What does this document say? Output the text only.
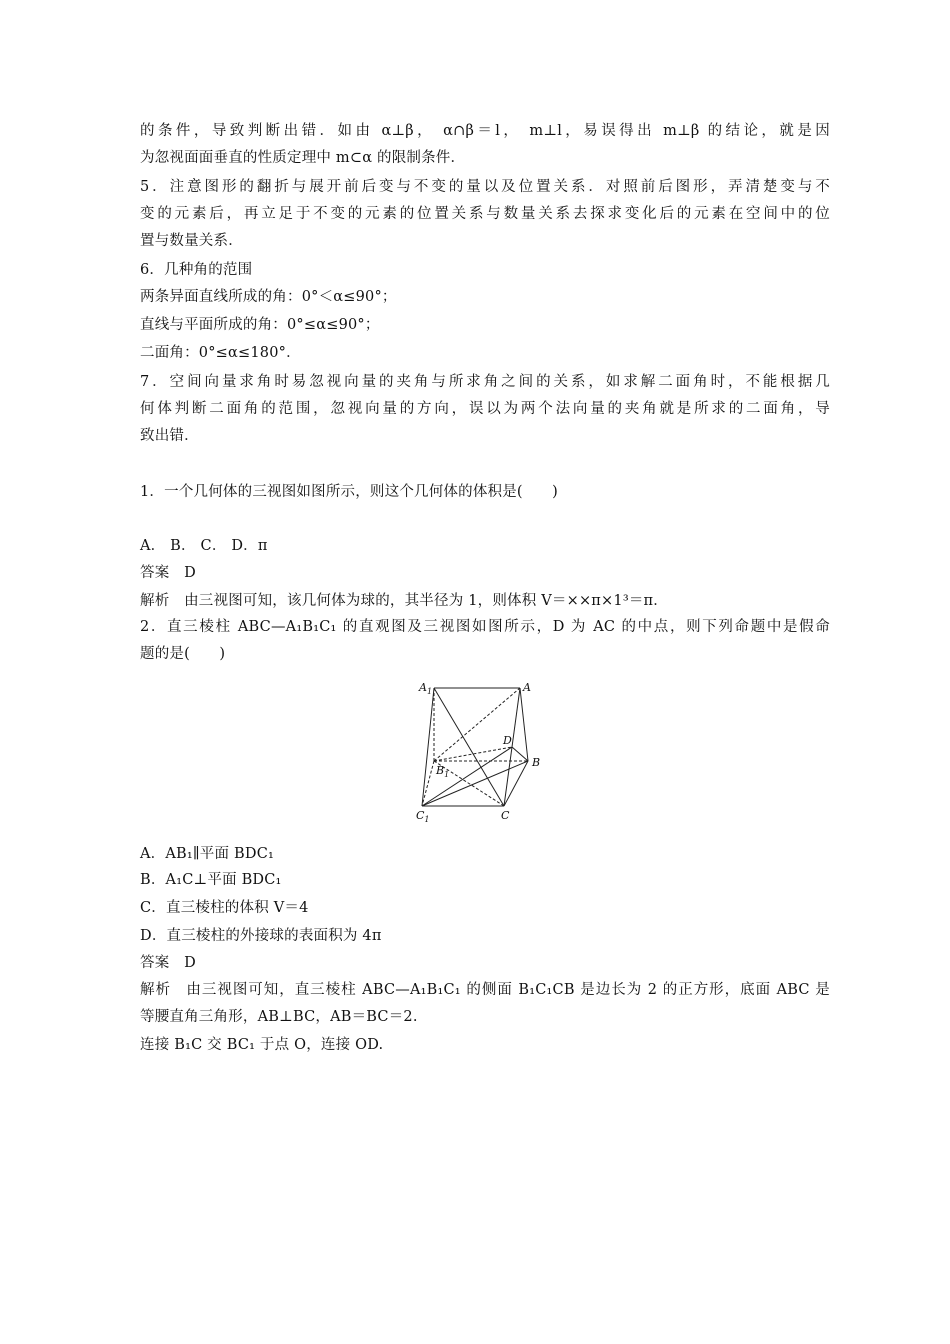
的条件，导致判断出错．如由 α⊥β， α∩β＝l， m⊥l，易误得出 m⊥β 的结论，就是因
为忽视面面垂直的性质定理中 m⊂α 的限制条件．
5．注意图形的翻折与展开前后变与不变的量以及位置关系．对照前后图形，弄清楚变与不
变的元素后，再立足于不变的元素的位置关系与数量关系去探求变化后的元素在空间中的位
置与数量关系．
6．几种角的范围
两条异面直线所成的角：0°＜α≤90°；
直线与平面所成的角：0°≤α≤90°；
二面角：0°≤α≤180°．
7．空间向量求角时易忽视向量的夹角与所求角之间的关系，如求解二面角时，不能根据几
何体判断二面角的范围，忽视向量的方向，误以为两个法向量的夹角就是所求的二面角，导
致出错．
1．一个几何体的三视图如图所示，则这个几何体的体积是(　　)
A． B． C． D．π
答案　D
解析　由三视图可知，该几何体为球的，其半径为 1，则体积 V＝××π×1³＝π．
2．直三棱柱 ABC—A₁B₁C₁ 的直观图及三视图如图所示，D 为 AC 的中点，则下列命题中是假命
题的是(　　)
A．AB₁∥平面 BDC₁
B．A₁C⊥平面 BDC₁
C．直三棱柱的体积 V＝4
D．直三棱柱的外接球的表面积为 4π
答案　D
解析　由三视图可知，直三棱柱 ABC—A₁B₁C₁ 的侧面 B₁C₁CB 是边长为 2 的正方形，底面 ABC 是
等腰直角三角形，AB⊥BC，AB＝BC＝2.
连接 B₁C 交 BC₁ 于点 O，连接 OD.
$A_1$	A
D
$B_1$
B
$C_1$	C
